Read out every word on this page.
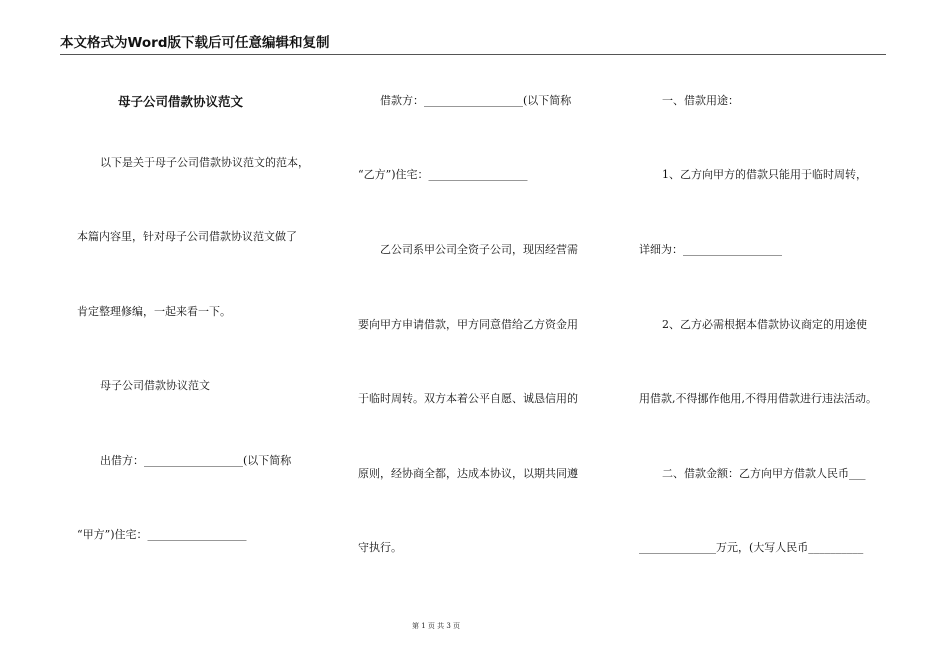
本文格式为Word版下载后可任意编辑和复制
母子公司借款协议范文
以下是关于母子公司借款协议范文的范本，
本篇内容里，针对母子公司借款协议范文做了
肯定整理修编，一起来看一下。
母子公司借款协议范文
出借方：__________________(以下简称
“甲方”)住宅：__________________
借款方：__________________(以下简称
“乙方”)住宅：__________________
乙公司系甲公司全资子公司，现因经营需
要向甲方申请借款，甲方同意借给乙方资金用
于临时周转。双方本着公平自愿、诚恳信用的
原则，经协商全都，达成本协议，以期共同遵
守执行。
一、借款用途：
1、乙方向甲方的借款只能用于临时周转，
详细为：__________________
2、乙方必需根据本借款协议商定的用途使
用借款,不得挪作他用,不得用借款进行违法活动。
二、借款金额：乙方向甲方借款人民币___
______________万元，(大写人民币__________
第 1 页 共 3 页
